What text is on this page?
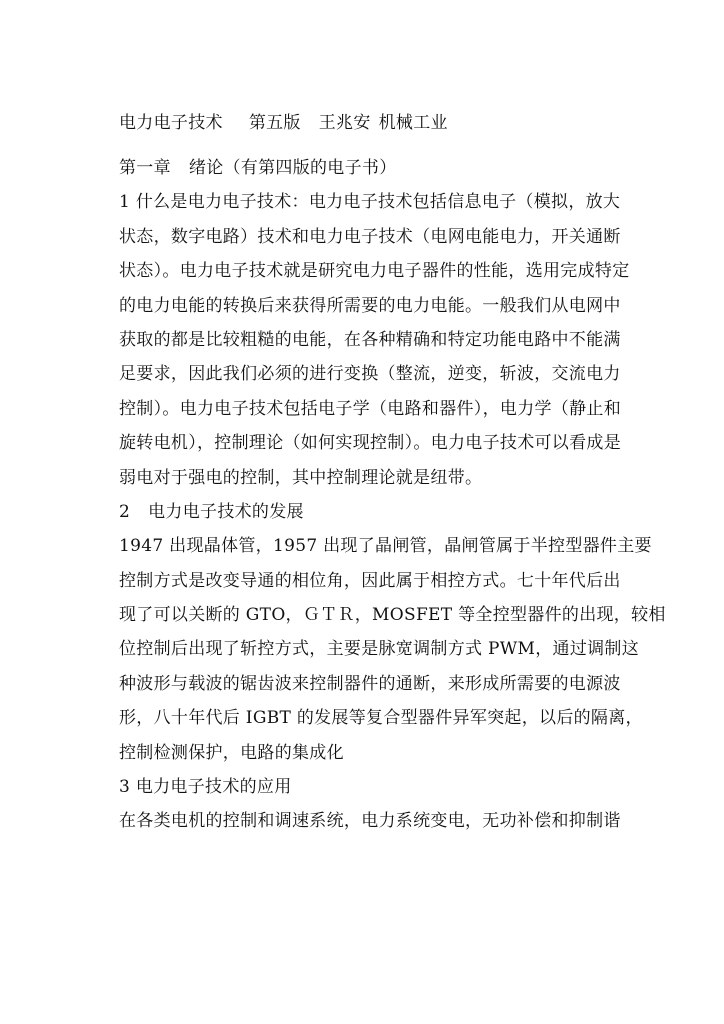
电力电子技术 第五版 王兆安 机械工业
第一章 绪论（有第四版的电子书）
1 什么是电力电子技术：电力电子技术包括信息电子（模拟，放大
状态，数字电路）技术和电力电子技术（电网电能电力，开关通断
状态）。电力电子技术就是研究电力电子器件的性能，选用完成特定
的电力电能的转换后来获得所需要的电力电能。一般我们从电网中
获取的都是比较粗糙的电能，在各种精确和特定功能电路中不能满
足要求，因此我们必须的进行变换（整流，逆变，斩波，交流电力
控制）。电力电子技术包括电子学（电路和器件），电力学（静止和
旋转电机），控制理论（如何实现控制）。电力电子技术可以看成是
弱电对于强电的控制，其中控制理论就是纽带。
2 电力电子技术的发展
1947 出现晶体管，1957 出现了晶闸管，晶闸管属于半控型器件主要
控制方式是改变导通的相位角，因此属于相控方式。七十年代后出
现了可以关断的 GTO，ＧＴＲ，MOSFET 等全控型器件的出现，较相
位控制后出现了斩控方式，主要是脉宽调制方式 PWM，通过调制这
种波形与载波的锯齿波来控制器件的通断，来形成所需要的电源波
形，八十年代后 IGBT 的发展等复合型器件异军突起，以后的隔离，
控制检测保护，电路的集成化
3 电力电子技术的应用
在各类电机的控制和调速系统，电力系统变电，无功补偿和抑制谐
